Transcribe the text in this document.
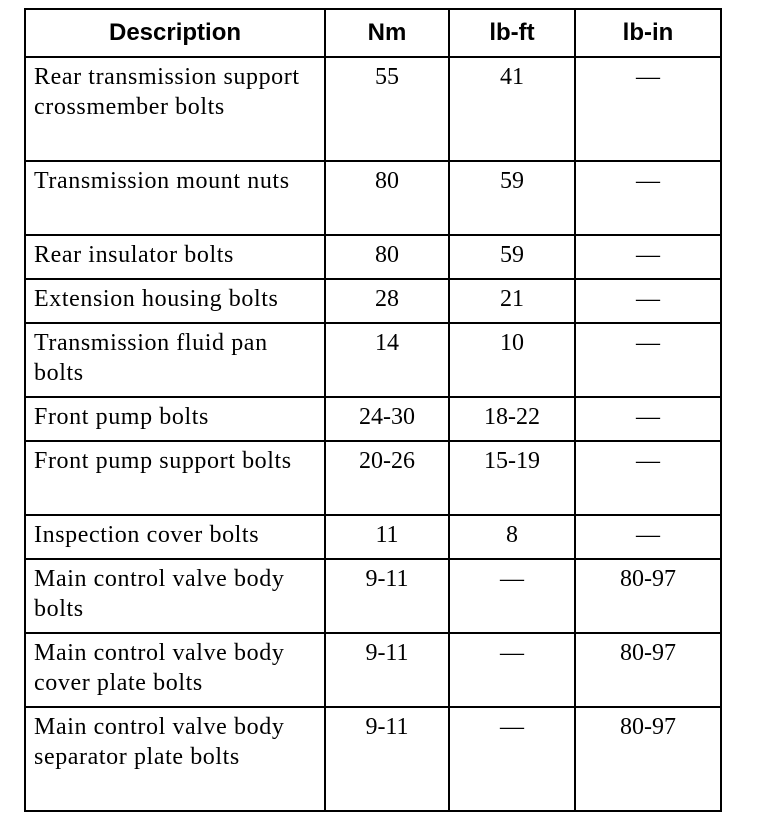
Description	Nm	lb-ft	lb-in
Rear transmission support crossmember bolts	55	41	—
Transmission mount nuts	80	59	—
Rear insulator bolts	80	59	—
Extension housing bolts	28	21	—
Transmission fluid pan bolts	14	10	—
Front pump bolts	24-30	18-22	—
Front pump support bolts	20-26	15-19	—
Inspection cover bolts	11	8	—
Main control valve body bolts	9-11	—	80-97
Main control valve body cover plate bolts	9-11	—	80-97
Main control valve body separator plate bolts	9-11	—	80-97
